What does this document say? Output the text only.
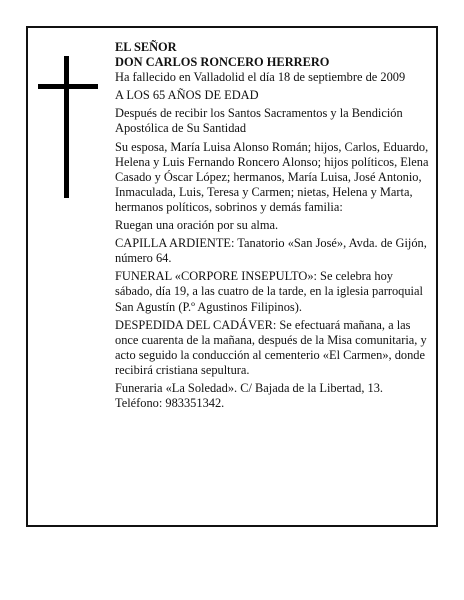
EL SEÑOR

DON CARLOS RONCERO HERRERO

Ha fallecido en Valladolid el día 18 de septiembre de 2009

A LOS 65 AÑOS DE EDAD

Después de recibir los Santos Sacramentos y la Bendición Apostólica de Su Santidad

Su esposa, María Luisa Alonso Román; hijos, Carlos, Eduardo, Helena y Luis Fernando Roncero Alonso; hijos políticos, Elena Casado y Óscar López; hermanos, María Luisa, José Antonio, Inmaculada, Luis, Teresa y Carmen; nietas, Helena y Marta, hermanos políticos, sobrinos y demás familia:

Ruegan una oración por su alma.

CAPILLA ARDIENTE: Tanatorio «San José», Avda. de Gijón, número 64.

FUNERAL «CORPORE INSEPULTO»: Se celebra hoy sábado, día 19, a las cuatro de la tarde, en la iglesia parroquial San Agustín (P.º Agustinos Filipinos).

DESPEDIDA DEL CADÁVER: Se efectuará mañana, a las once cuarenta de la mañana, después de la Misa comunitaria, y acto seguido la conducción al cementerio «El Carmen», donde recibirá cristiana sepultura.

Funeraria «La Soledad». C/ Bajada de la Libertad, 13. Teléfono: 983351342.
